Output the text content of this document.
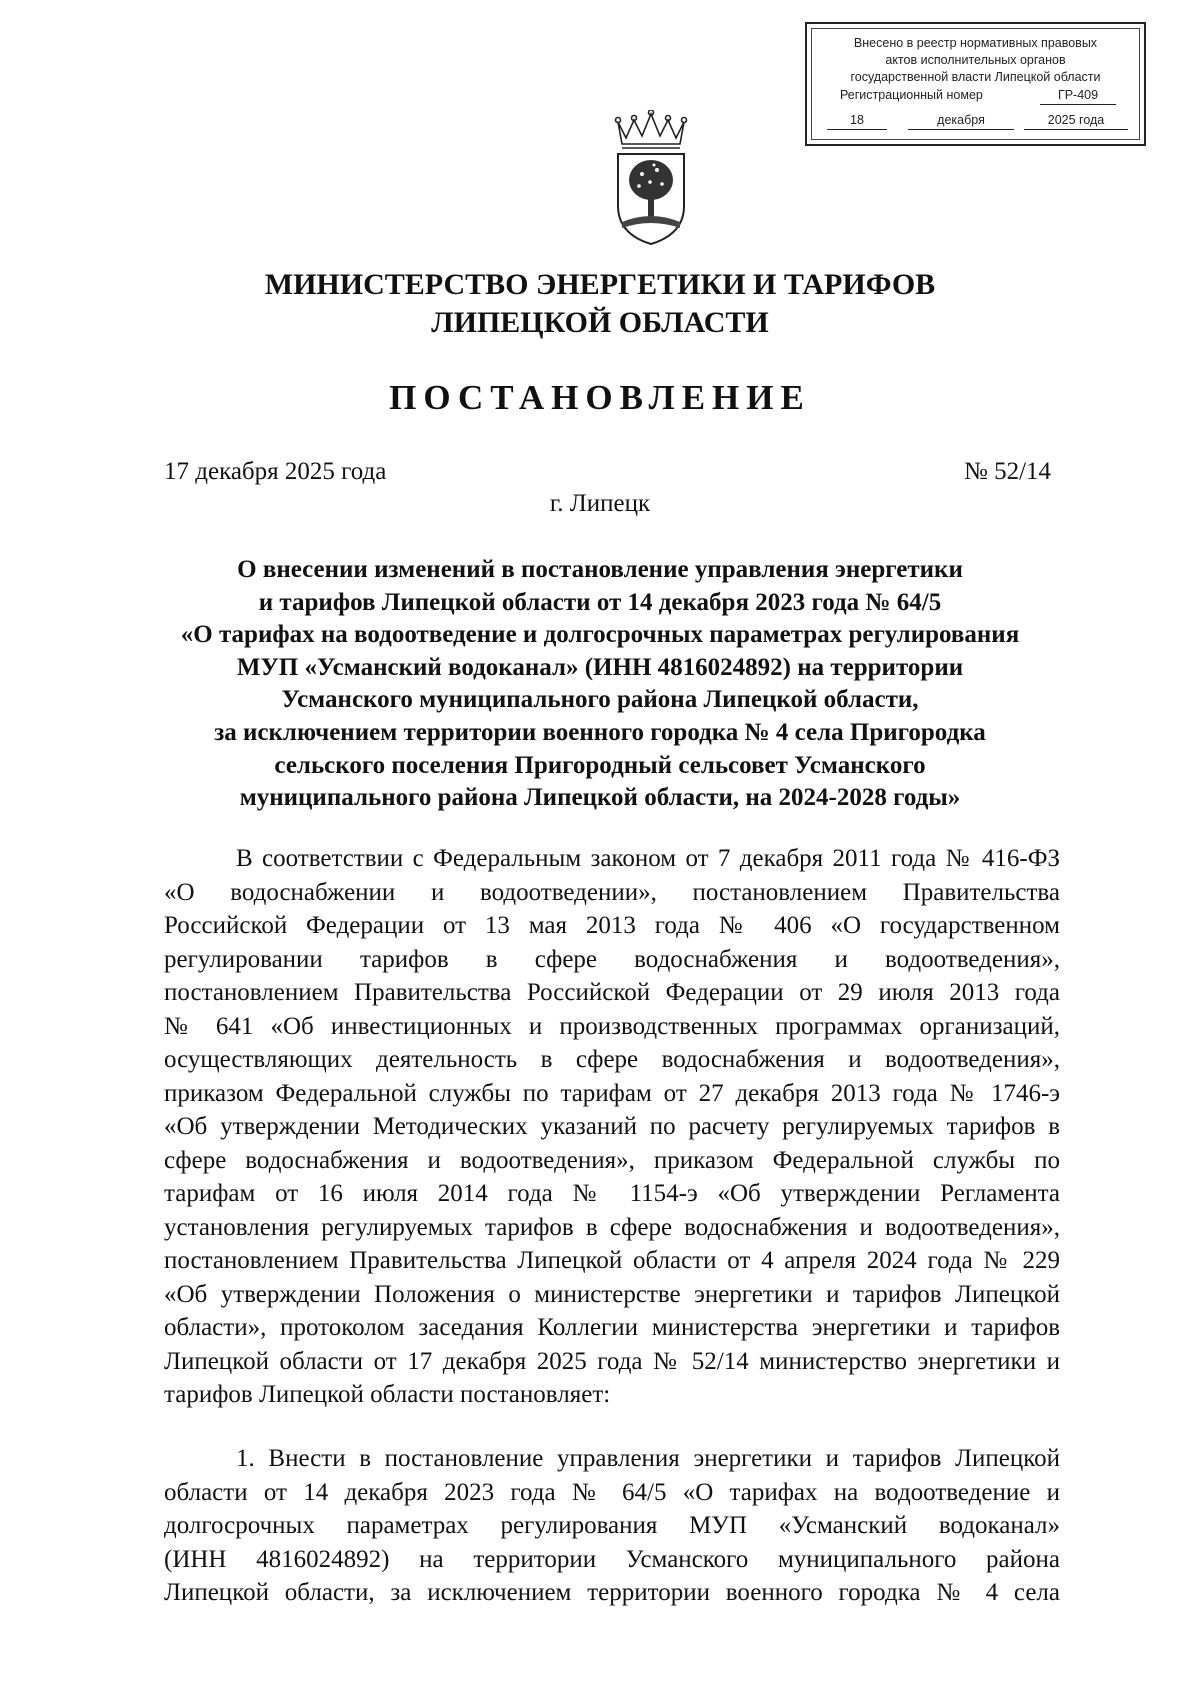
Внесено в реестр нормативных правовых
актов исполнительных органов
государственной власти Липецкой области
Регистрационный номер	ГР-409
18	декабря	2025 года
МИНИСТЕРСТВО ЭНЕРГЕТИКИ И ТАРИФОВ
ЛИПЕЦКОЙ ОБЛАСТИ
ПОСТАНОВЛЕНИЕ
17 декабря 2025 года	№ 52/14
г. Липецк
О внесении изменений в постановление управления энергетики
и тарифов Липецкой области от 14 декабря 2023 года № 64/5
«О тарифах на водоотведение и долгосрочных параметрах регулирования
МУП «Усманский водоканал» (ИНН 4816024892) на территории
Усманского муниципального района Липецкой области,
за исключением территории военного городка № 4 села Пригородка
сельского поселения Пригородный сельсовет Усманского
муниципального района Липецкой области, на 2024-2028 годы»
В соответствии с Федеральным законом от 7 декабря 2011 года № 416-ФЗ
«О водоснабжении и водоотведении», постановлением Правительства
Российской Федерации от 13 мая 2013 года № 406 «О государственном
регулировании тарифов в сфере водоснабжения и водоотведения»,
постановлением Правительства Российской Федерации от 29 июля 2013 года
№ 641 «Об инвестиционных и производственных программах организаций,
осуществляющих деятельность в сфере водоснабжения и водоотведения»,
приказом Федеральной службы по тарифам от 27 декабря 2013 года № 1746-э
«Об утверждении Методических указаний по расчету регулируемых тарифов в
сфере водоснабжения и водоотведения», приказом Федеральной службы по
тарифам от 16 июля 2014 года № 1154-э «Об утверждении Регламента
установления регулируемых тарифов в сфере водоснабжения и водоотведения»,
постановлением Правительства Липецкой области от 4 апреля 2024 года № 229
«Об утверждении Положения о министерстве энергетики и тарифов Липецкой
области», протоколом заседания Коллегии министерства энергетики и тарифов
Липецкой области от 17 декабря 2025 года № 52/14 министерство энергетики и
тарифов Липецкой области постановляет:
1. Внести в постановление управления энергетики и тарифов Липецкой
области от 14 декабря 2023 года № 64/5 «О тарифах на водоотведение и
долгосрочных параметрах регулирования МУП «Усманский водоканал»
(ИНН 4816024892) на территории Усманского муниципального района
Липецкой области, за исключением территории военного городка № 4 села
